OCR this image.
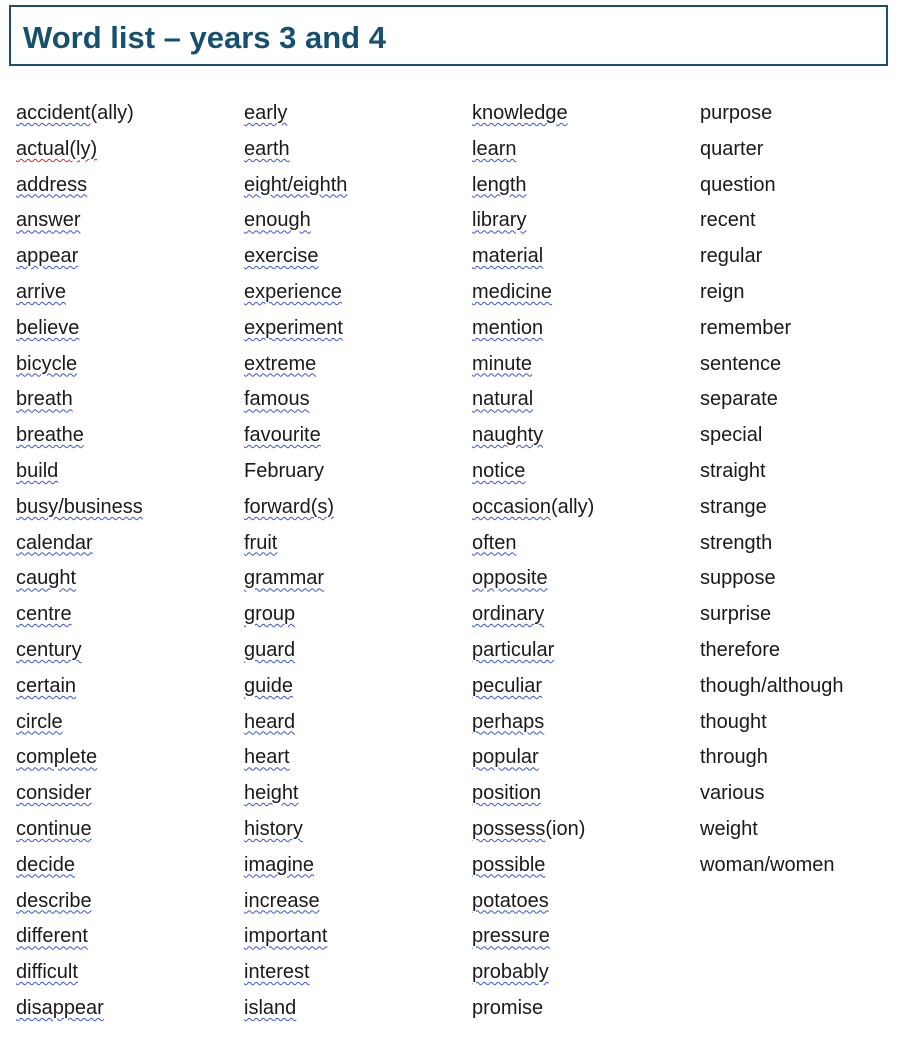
Word list – years 3 and 4
accident(ally)
actual(ly)
address
answer
appear
arrive
believe
bicycle
breath
breathe
build
busy/business
calendar
caught
centre
century
certain
circle
complete
consider
continue
decide
describe
different
difficult
disappear
early
earth
eight/eighth
enough
exercise
experience
experiment
extreme
famous
favourite
February
forward(s)
fruit
grammar
group
guard
guide
heard
heart
height
history
imagine
increase
important
interest
island
knowledge
learn
length
library
material
medicine
mention
minute
natural
naughty
notice
occasion(ally)
often
opposite
ordinary
particular
peculiar
perhaps
popular
position
possess(ion)
possible
potatoes
pressure
probably
promise
purpose
quarter
question
recent
regular
reign
remember
sentence
separate
special
straight
strange
strength
suppose
surprise
therefore
though/although
thought
through
various
weight
woman/women
